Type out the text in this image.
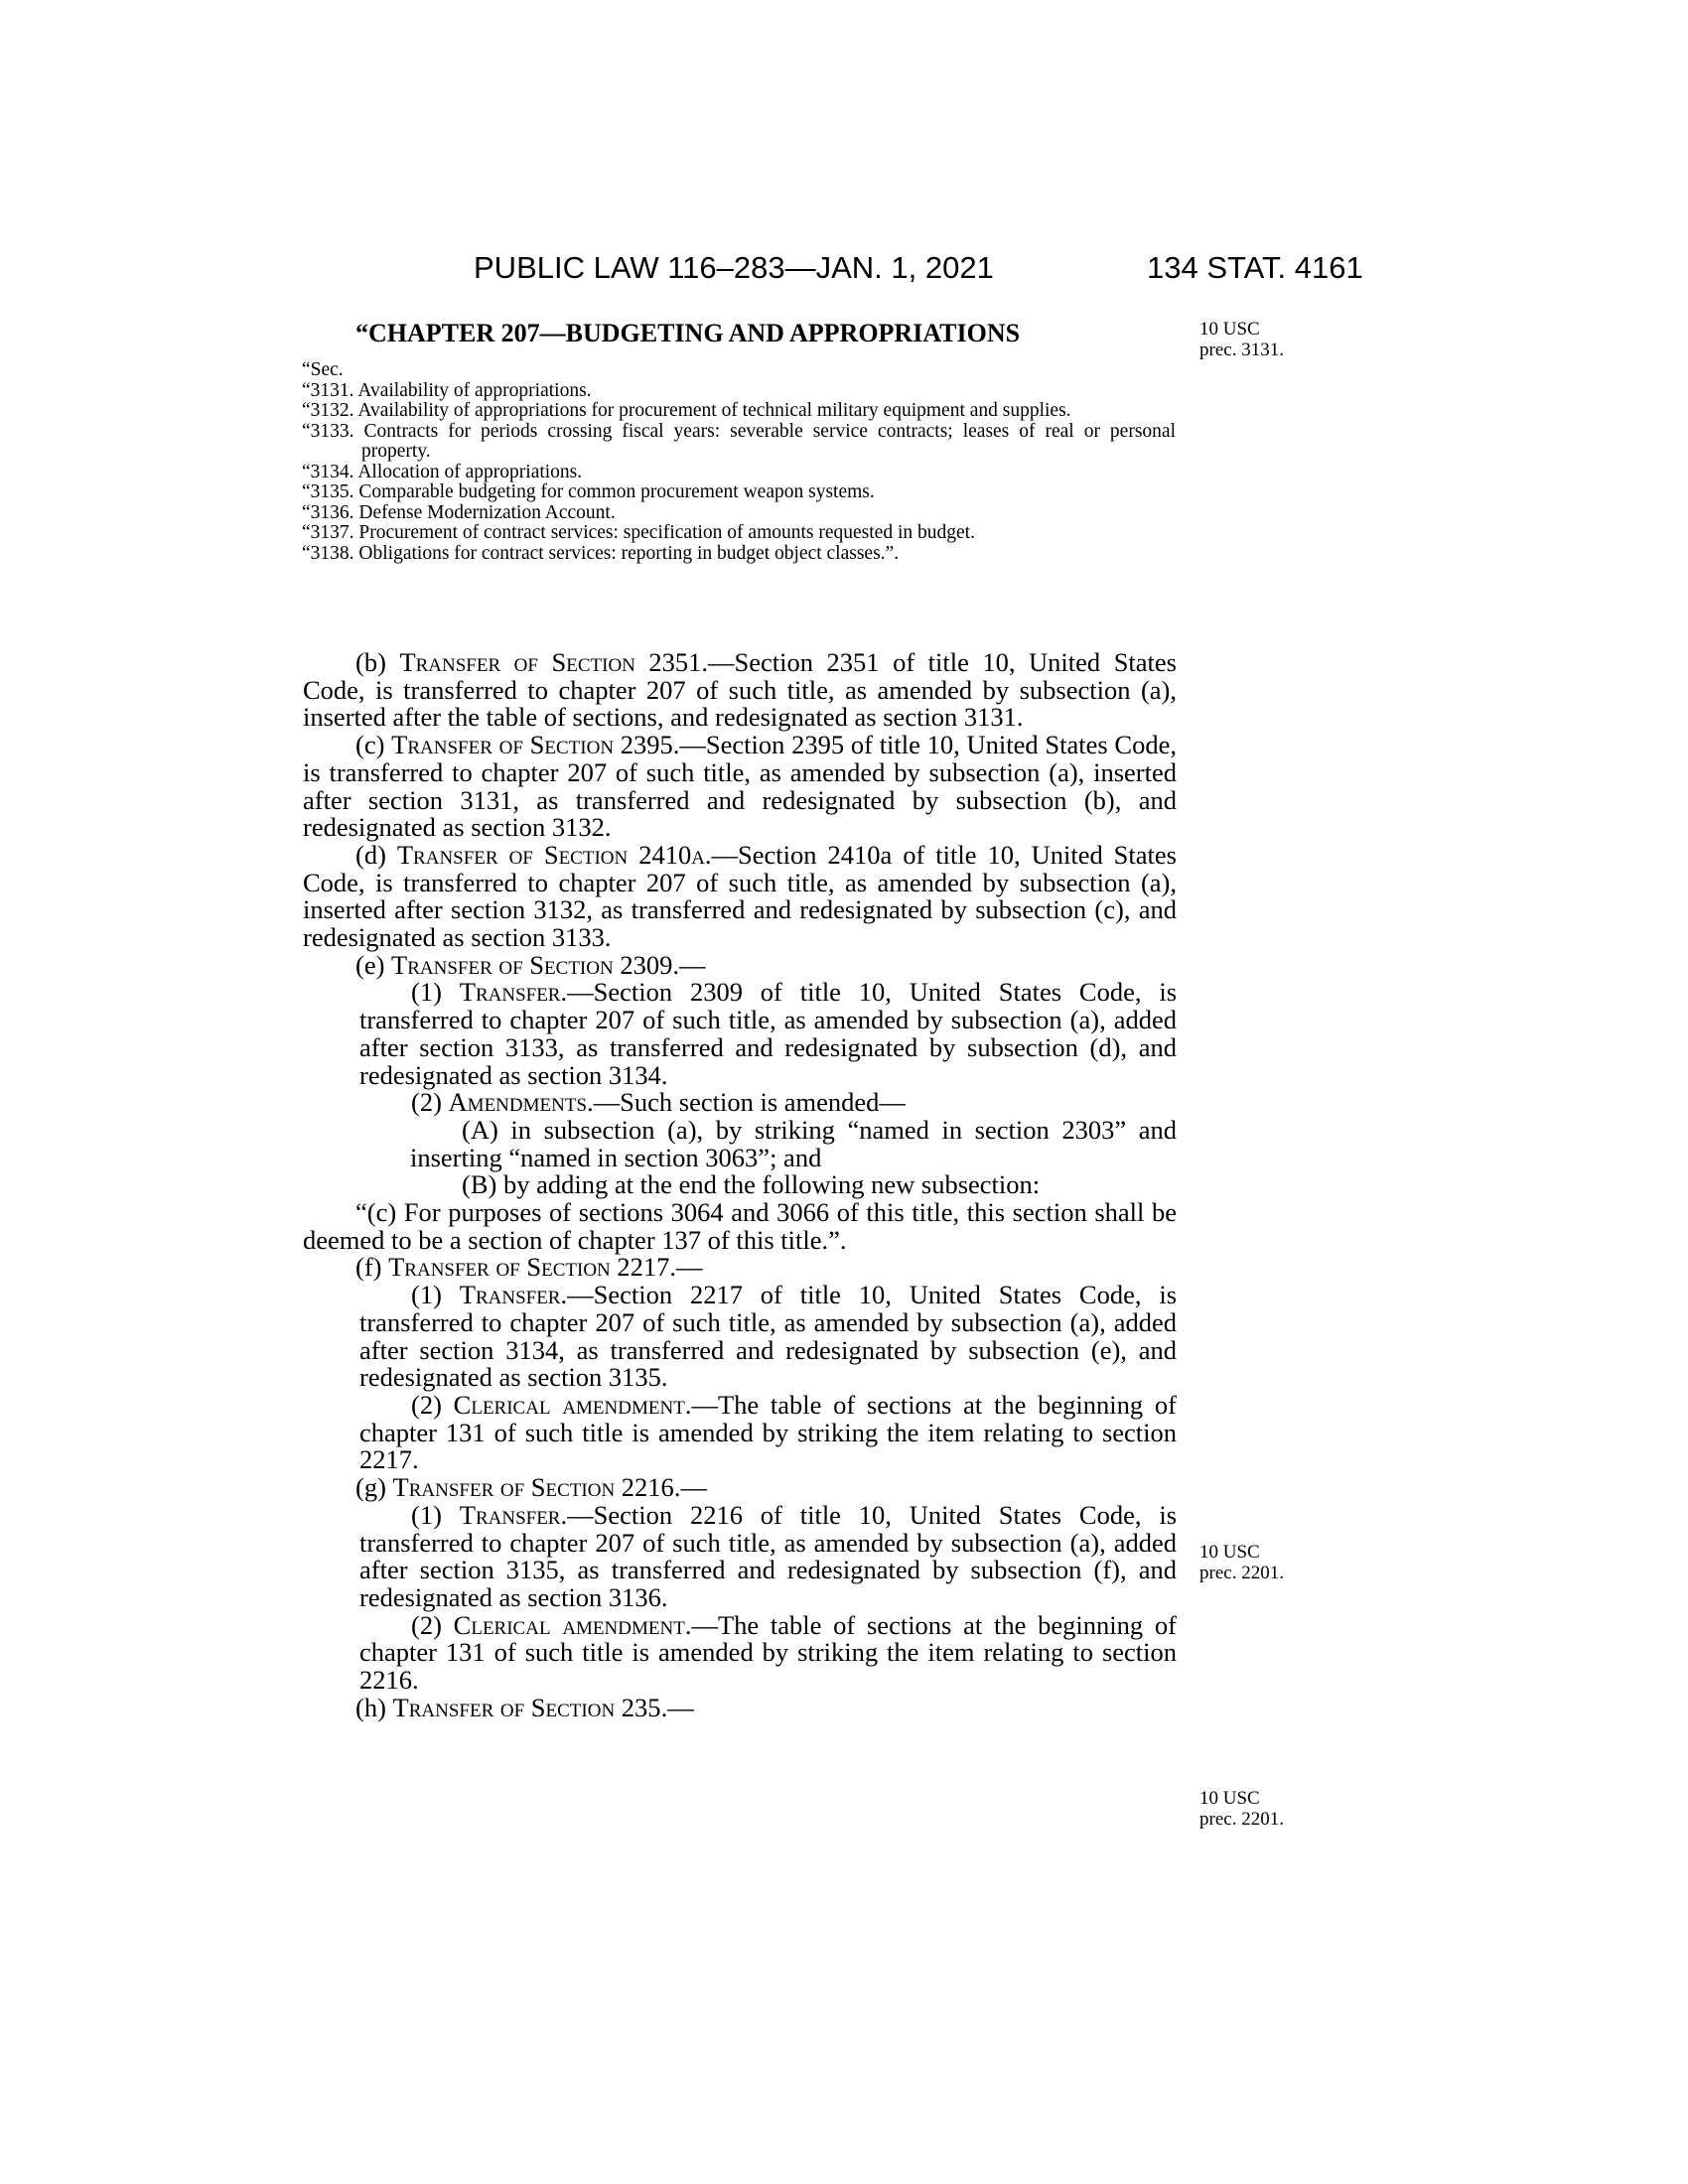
PUBLIC LAW 116–283—JAN. 1, 2021	134 STAT. 4161
“CHAPTER 207—BUDGETING AND APPROPRIATIONS	10 USC
prec. 3131.
“Sec.

“3131. Availability of appropriations.

“3132. Availability of appropriations for procurement of technical military equipment and supplies.

“3133. Contracts for periods crossing fiscal years: severable service contracts; leases of real or personal property.

“3134. Allocation of appropriations.

“3135. Comparable budgeting for common procurement weapon systems.

“3136. Defense Modernization Account.

“3137. Procurement of contract services: specification of amounts requested in budget.

“3138. Obligations for contract services: reporting in budget object classes.”.

(b) Transfer of Section 2351.—Section 2351 of title 10, United States Code, is transferred to chapter 207 of such title, as amended by subsection (a), inserted after the table of sections, and redesignated as section 3131.

(c) Transfer of Section 2395.—Section 2395 of title 10, United States Code, is transferred to chapter 207 of such title, as amended by subsection (a), inserted after section 3131, as transferred and redesignated by subsection (b), and redesignated as section 3132.

(d) Transfer of Section 2410a.—Section 2410a of title 10, United States Code, is transferred to chapter 207 of such title, as amended by subsection (a), inserted after section 3132, as transferred and redesignated by subsection (c), and redesignated as section 3133.

(e) Transfer of Section 2309.—

(1) Transfer.—Section 2309 of title 10, United States Code, is transferred to chapter 207 of such title, as amended by subsection (a), added after section 3133, as transferred and redesignated by subsection (d), and redesignated as section 3134.

(2) Amendments.—Such section is amended—

(A) in subsection (a), by striking “named in section 2303” and inserting “named in section 3063”; and

(B) by adding at the end the following new subsection:

“(c) For purposes of sections 3064 and 3066 of this title, this section shall be deemed to be a section of chapter 137 of this title.”.

(f) Transfer of Section 2217.—

(1) Transfer.—Section 2217 of title 10, United States Code, is transferred to chapter 207 of such title, as amended by subsection (a), added after section 3134, as transferred and redesignated by subsection (e), and redesignated as section 3135.

(2) Clerical amendment.—The table of sections at the beginning of chapter 131 of such title is amended by striking the item relating to section 2217.

(g) Transfer of Section 2216.—

(1) Transfer.—Section 2216 of title 10, United States Code, is transferred to chapter 207 of such title, as amended by subsection (a), added after section 3135, as transferred and redesignated by subsection (f), and redesignated as section 3136.

(2) Clerical amendment.—The table of sections at the beginning of chapter 131 of such title is amended by striking the item relating to section 2216.

(h) Transfer of Section 235.—

10 USC
prec. 2201.
10 USC
prec. 2201.
